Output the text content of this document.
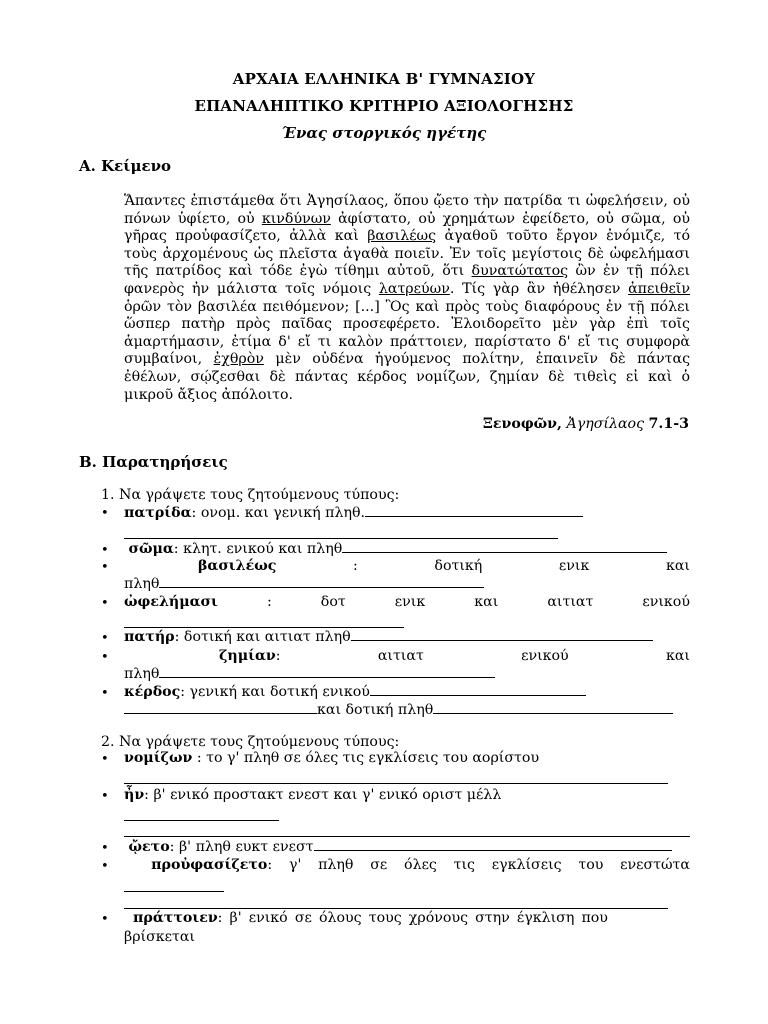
ΑΡΧΑΙΑ ΕΛΛΗΝΙΚΑ Β' ΓΥΜΝΑΣΙΟΥ
ΕΠΑΝΑΛΗΠΤΙΚΟ ΚΡΙΤΗΡΙΟ ΑΞΙΟΛΟΓΗΣΗΣ
Ένας στοργικός ηγέτης
Α. Κείμενο
Ἅπαντες ἐπιστάμεθα ὅτι Ἀγησίλαος, ὅπου ᾤετο τὴν πατρίδα τι ὠφελήσειν, οὐ
πόνων ὑφίετο, οὐ κινδύνων ἀφίστατο, οὐ χρημάτων ἐφείδετο, οὐ σῶμα, οὐ
γῆρας προὐφασίζετο, ἀλλὰ καὶ βασιλέως ἀγαθοῦ τοῦτο ἔργον ἐνόμιζε, τό
τοὺς ἀρχομένους ὡς πλεῖστα ἀγαθὰ ποιεῖν. Ἐν τοῖς μεγίστοις δὲ ὠφελήμασι
τῆς πατρίδος καὶ τόδε ἐγὼ τίθημι αὐτοῦ, ὅτι δυνατώτατος ὢν ἐν τῇ πόλει
φανερὸς ἦν μάλιστα τοῖς νόμοις λατρεύων. Τίς γὰρ ἂν ἠθέλησεν ἀπειθεῖν
ὁρῶν τὸν βασιλέα πειθόμενον; [...] Ὃς καὶ πρὸς τοὺς διαφόρους ἐν τῇ πόλει
ὥσπερ πατὴρ πρὸς παῖδας προσεφέρετο. Ἐλοιδορεῖτο μὲν γὰρ ἐπὶ τοῖς
ἁμαρτήμασιν, ἐτίμα δ' εἴ τι καλὸν πράττοιεν, παρίστατο δ' εἴ τις συμφορὰ
συμβαίνοι, ἐχθρὸν μὲν οὐδένα ἡγούμενος πολίτην, ἐπαινεῖν δὲ πάντας
ἐθέλων, σῴζεσθαι δὲ πάντας κέρδος νομίζων, ζημίαν δὲ τιθεὶς εἰ καὶ ὁ
μικροῦ ἄξιος ἀπόλοιτο.
Ξενοφῶν, Ἀγησίλαος 7.1-3
Β. Παρατηρήσεις
1. Να γράψετε τους ζητούμενους τύπους:
• πατρίδα: ονομ. και γενική πληθ.
•	σῶμα: κλητ. ενικού και πληθ
•	βασιλέως	:	δοτική	ενικ	και
πληθ
• ὠφελήμασι	:	δοτ	ενικ	και	αιτιατ	ενικού
• πατήρ: δοτική και αιτιατ πληθ
•	ζημίαν:	αιτιατ	ενικού	και
πληθ
• κέρδος: γενική και δοτική ενικού
και δοτική πληθ
2. Να γράψετε τους ζητούμενους τύπους:
• νομίζων : το γ' πληθ σε όλες τις εγκλίσεις του αορίστου
• ἦν: β' ενικό προστακτ ενεστ και γ' ενικό οριστ μέλλ
•	ᾤετο: β' πληθ ευκτ ενεστ
•	προὐφασίζετο: γ' πληθ σε όλες τις εγκλίσεις του ενεστώτα
•	πράττοιεν: β' ενικό σε όλους τους χρόνους στην έγκλιση που
βρίσκεται
